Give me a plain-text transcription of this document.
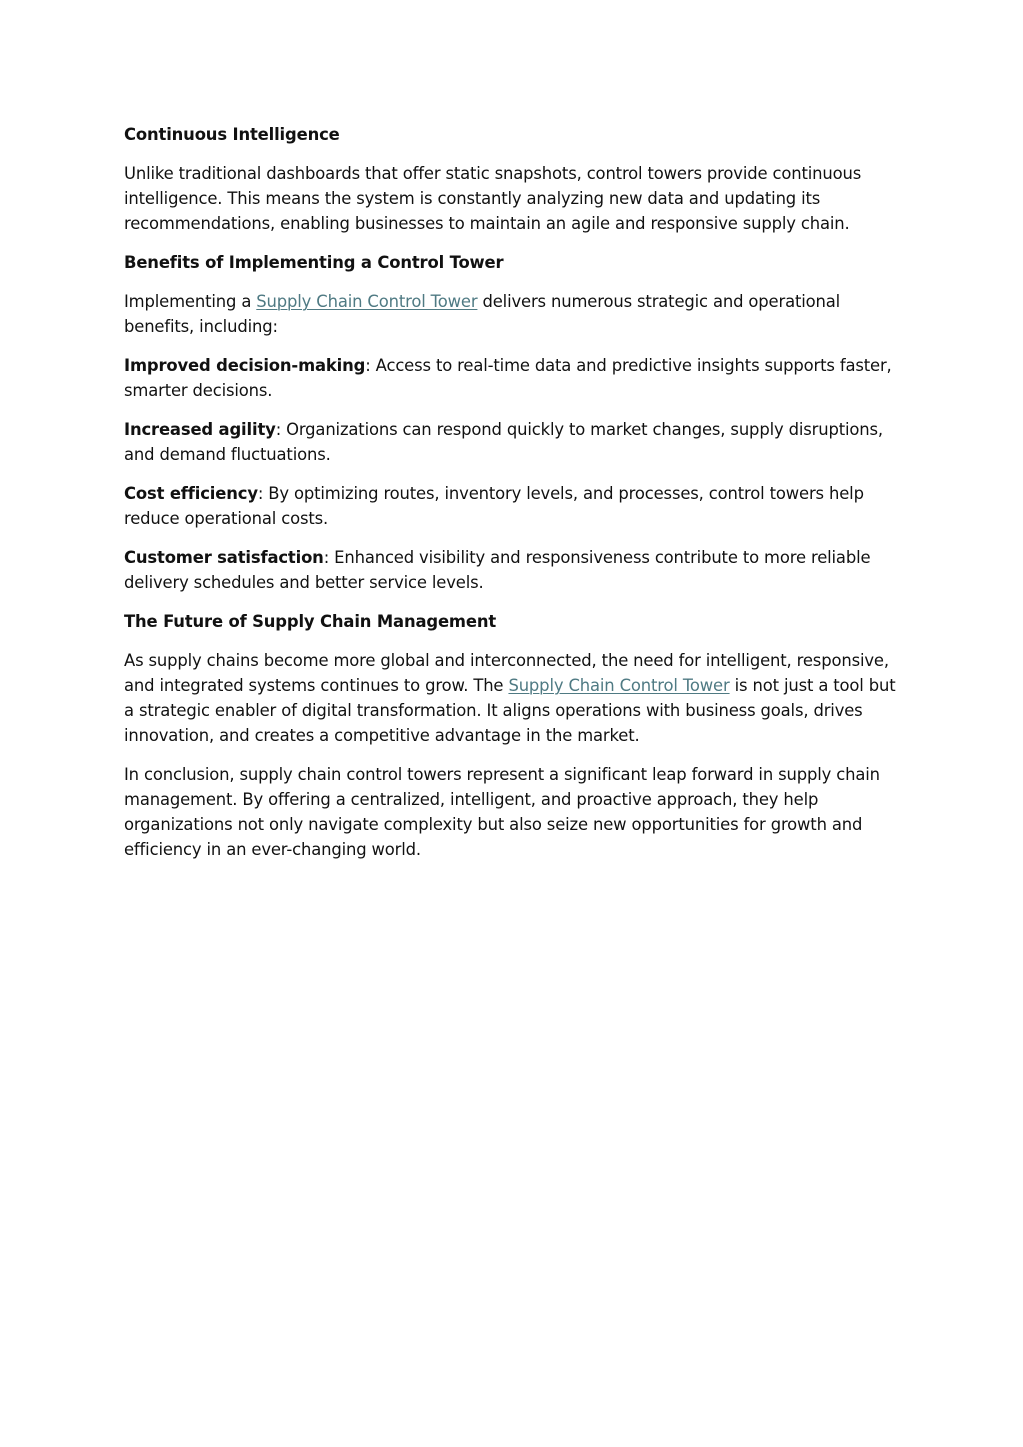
Continuous Intelligence

Unlike traditional dashboards that offer static snapshots, control towers provide continuous intelligence. This means the system is constantly analyzing new data and updating its recommendations, enabling businesses to maintain an agile and responsive supply chain.

Benefits of Implementing a Control Tower

Implementing a Supply Chain Control Tower delivers numerous strategic and operational benefits, including:

Improved decision-making: Access to real-time data and predictive insights supports faster, smarter decisions.

Increased agility: Organizations can respond quickly to market changes, supply disruptions, and demand fluctuations.

Cost efficiency: By optimizing routes, inventory levels, and processes, control towers help reduce operational costs.

Customer satisfaction: Enhanced visibility and responsiveness contribute to more reliable delivery schedules and better service levels.

The Future of Supply Chain Management

As supply chains become more global and interconnected, the need for intelligent, responsive, and integrated systems continues to grow. The Supply Chain Control Tower is not just a tool but a strategic enabler of digital transformation. It aligns operations with business goals, drives innovation, and creates a competitive advantage in the market.

In conclusion, supply chain control towers represent a significant leap forward in supply chain management. By offering a centralized, intelligent, and proactive approach, they help organizations not only navigate complexity but also seize new opportunities for growth and efficiency in an ever-changing world.
